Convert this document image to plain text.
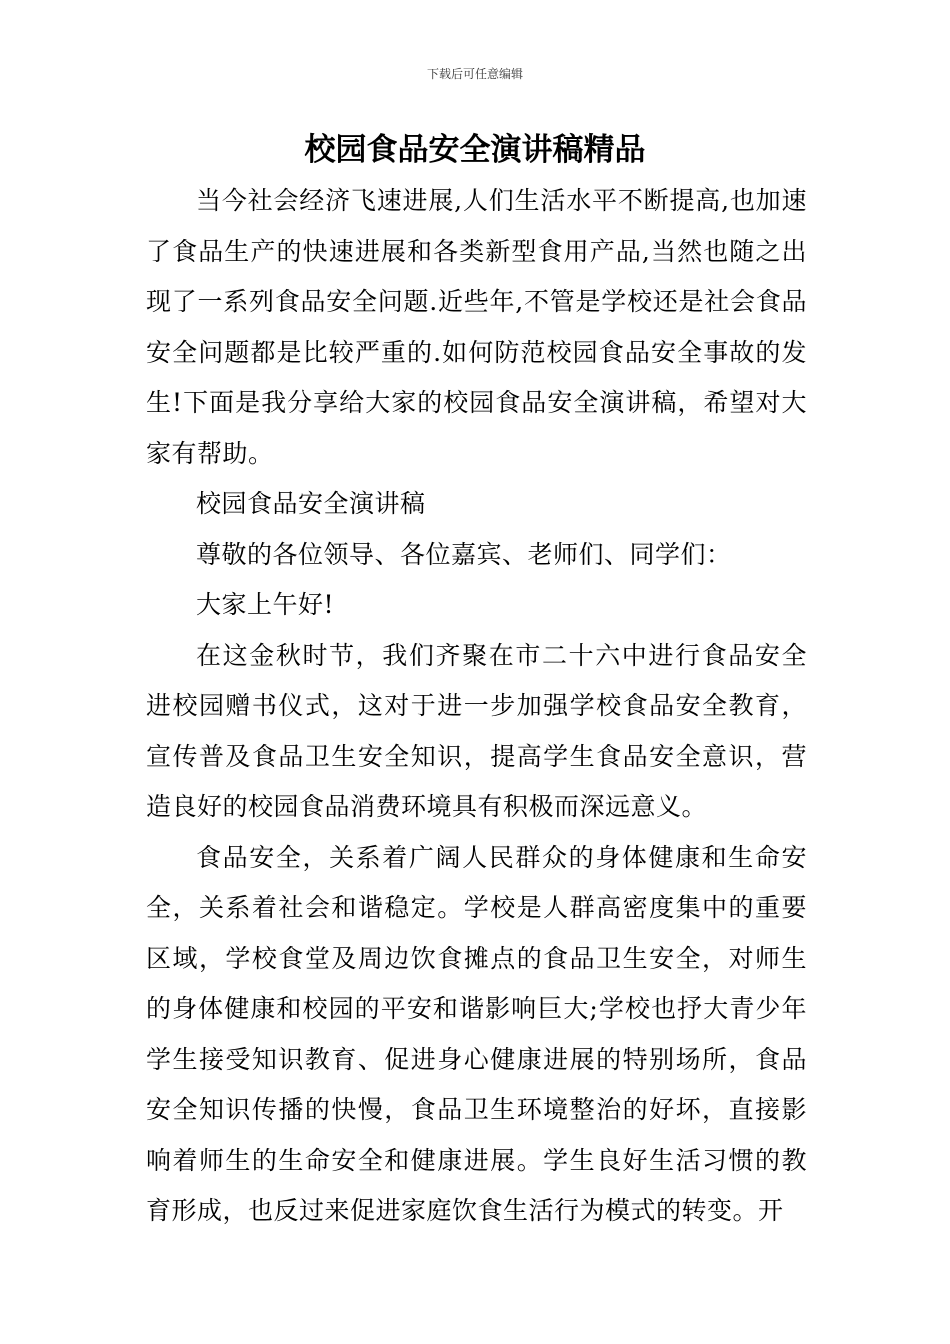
下载后可任意编辑
校园食品安全演讲稿精品

当今社会经济飞速进展,人们生活水平不断提高,也加速了食品生产的快速进展和各类新型食用产品,当然也随之出现了一系列食品安全问题.近些年,不管是学校还是社会食品安全问题都是比较严重的.如何防范校园食品安全事故的发生!下面是我分享给大家的校园食品安全演讲稿，希望对大家有帮助。

校园食品安全演讲稿

尊敬的各位领导、各位嘉宾、老师们、同学们：

大家上午好!

在这金秋时节，我们齐聚在市二十六中进行食品安全进校园赠书仪式，这对于进一步加强学校食品安全教育，宣传普及食品卫生安全知识，提高学生食品安全意识，营造良好的校园食品消费环境具有积极而深远意义。

食品安全，关系着广阔人民群众的身体健康和生命安全，关系着社会和谐稳定。学校是人群高密度集中的重要区域，学校食堂及周边饮食摊点的食品卫生安全，对师生的身体健康和校园的平安和谐影响巨大;学校也抒大青少年学生接受知识教育、促进身心健康进展的特别场所，食品安全知识传播的快慢，食品卫生环境整治的好坏，直接影响着师生的生命安全和健康进展。学生良好生活习惯的教育形成，也反过来促进家庭饮食生活行为模式的转变。开
